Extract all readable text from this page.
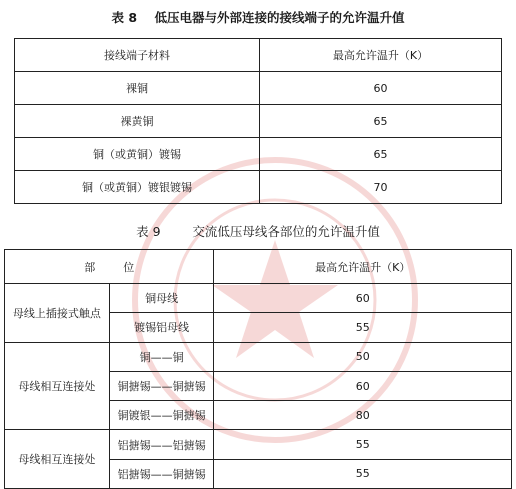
表 8    低压电器与外部连接的接线端子的允许温升值
接线端子材料	最高允许温升（K）
裸铜	60
裸黄铜	65
铜（或黄铜）镀锡	65
铜（或黄铜）镀银镀锡	70
表 9        交流低压母线各部位的允许温升值
部        位		最高允许温升（K）
母线上插接式触点	铜母线	60
	镀锡铝母线	55
母线相互连接处	铜——铜	50
	铜搪锡——铜搪锡	60
	铜镀银——铜搪锡	80
母线相互连接处	铝搪锡——铝搪锡	55
	铝搪锡——铜搪锡	55
